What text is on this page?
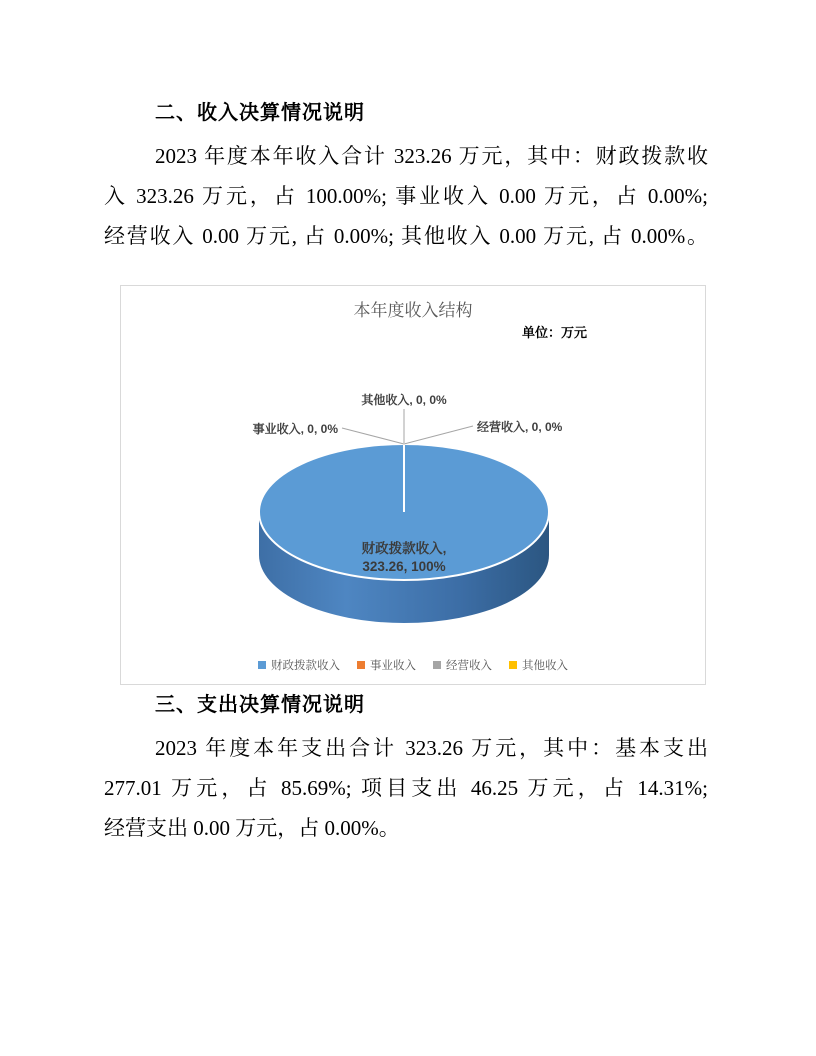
二、收入决算情况说明
2023 年度本年收入合计 323.26 万元，其中：财政拨款收
入 323.26 万元，占 100.00%; 事业收入 0.00 万元，占 0.00%;
经营收入 0.00 万元, 占 0.00%; 其他收入 0.00 万元, 占 0.00%。
本年度收入结构
单位：万元
其他收入, 0, 0%
事业收入, 0, 0%	经营收入, 0, 0%
财政拨款收入,
323.26, 100%
财政拨款收入	事业收入	经营收入	其他收入
三、支出决算情况说明
2023 年度本年支出合计 323.26 万元，其中：基本支出
277.01 万元，占 85.69%; 项目支出 46.25 万元，占 14.31%;
经营支出 0.00 万元，占 0.00%。
